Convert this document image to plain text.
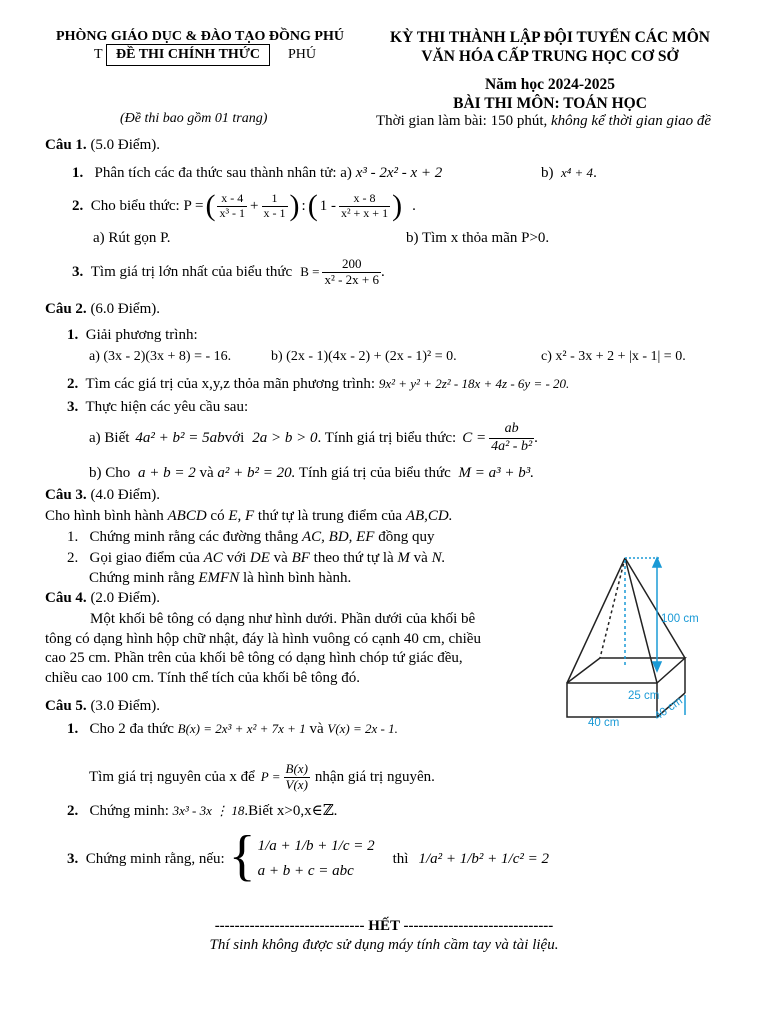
PHÒNG GIÁO DỤC & ĐÀO TẠO ĐỒNG PHÚ
T	PHÚ
ĐỀ THI CHÍNH THỨC
KỲ THI THÀNH LẬP ĐỘI TUYỂN CÁC MÔN
VĂN HÓA CẤP TRUNG HỌC CƠ SỞ
Năm học 2024-2025
BÀI THI MÔN: TOÁN HỌC
(Đề thi bao gồm 01 trang)	Thời gian làm bài: 150 phút, không kể thời gian giao đề
Câu 1. (5.0 Điểm).
1. Phân tích các đa thức sau thành nhân tử: a) x³ - 2x² - x + 2	b) x⁴ + 4.
2.
Cho biểu thức: P = ( $\frac{x - 4}{\text{x³ - 1}} + \frac{1}{x - 1}$ ) : ( $1 - \frac{x - 8}{\text{x² + x + 1}}$ ) .
a) Rút gọn P.	b) Tìm x thỏa mãn P>0.
3.
Tìm giá trị lớn nhất của biểu thức $B = \frac{200}{\text{x² - 2x + 6}}$ .
Câu 2. (6.0 Điểm).
1. Giải phương trình:
a) (3x - 2)(3x + 8) = - 16.	b) (2x - 1)(4x - 2) + (2x - 1)² = 0.	c) x² - 3x + 2 + |x - 1| = 0.
2. Tìm các giá trị của x,y,z thỏa mãn phương trình: 9x² + y² + 2z² - 18x + 4z - 6y = - 20.
3. Thực hiện các yêu cầu sau:
a) Biết 4a² + b² = 5ab với 2a > b > 0 . Tính giá trị biểu thức: $C = \frac{ab}{\text{4a² - b²}}$ .
b) Cho a + b = 2 và a² + b² = 20. Tính giá trị của biểu thức M = a³ + b³.
Câu 3. (4.0 Điểm).
Cho hình bình hành ABCD có E, F thứ tự là trung điểm của AB,CD.
1. Chứng minh rằng các đường thẳng AC, BD, EF đồng quy
2. Gọi giao điểm của AC với DE và BF theo thứ tự là M và N.
Chứng minh rằng EMFN là hình bình hành.
Câu 4. (2.0 Điểm).
Một khối bê tông có dạng như hình dưới. Phần dưới của khối bê
tông có dạng hình hộp chữ nhật, đáy là hình vuông có cạnh 40 cm, chiều
cao 25 cm. Phần trên của khối bê tông có dạng hình chóp tứ giác đều,
chiều cao 100 cm. Tính thể tích của khối bê tông đó.
100 cm
25 cm
40 cm
40 cm
Câu 5. (3.0 Điểm).
1. Cho 2 đa thức B(x) = 2x³ + x² + 7x + 1 và V(x) = 2x - 1.
Tìm giá trị nguyên của x để $P = \frac{B(x)}{V(x)}$ nhận giá trị nguyên.
2. Chứng minh: 3x³ - 3x ⋮ 18.Biết x>0,x∈ℤ.
3.
Chứng minh rằng, nếu: { 1/a + 1/b + 1/c = 2
a + b + c = abc
thì 1/a² + 1/b² + 1/c² = 2
------------------------------ HẾT ------------------------------
Thí sinh không được sử dụng máy tính cầm tay và tài liệu.
